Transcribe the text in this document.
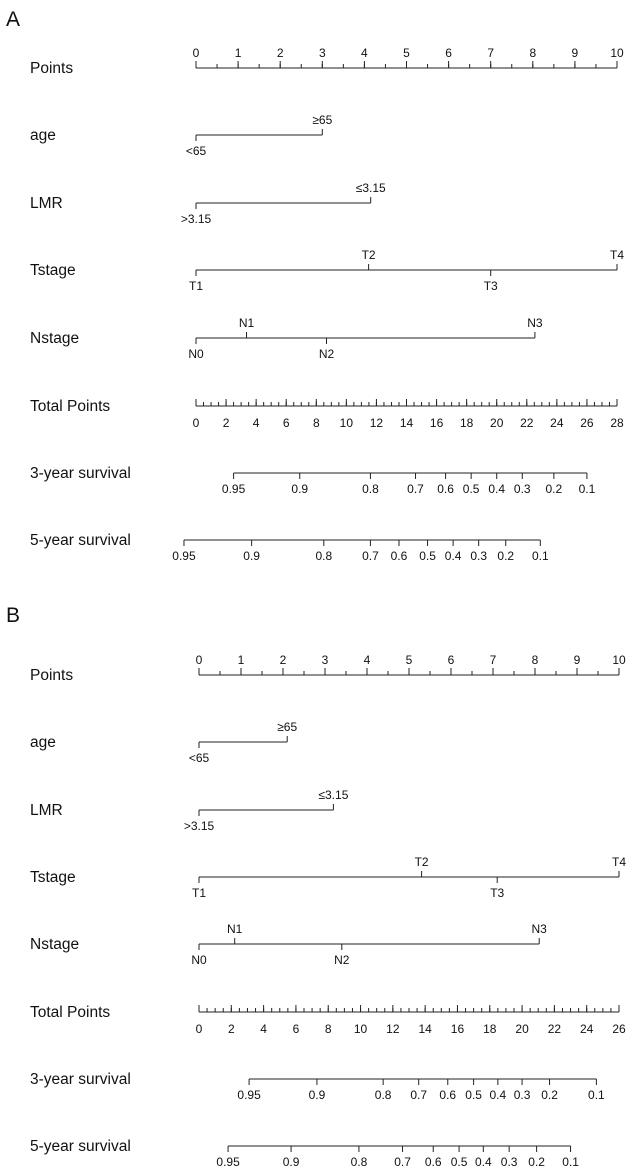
A
Points
0	1	2	3	4	5	6	7	8	9	10
age
<65
≥65
LMR
>3.15
≤3.15
Tstage
T1
T2
T3
T4
Nstage
N0
N1
N2
N3
Total Points
0 2 4 6 8 10 12 14 16 18 20 22 24 26 28
3-year survival
0.95	0.9	0.8 0.7 0.6 0.5 0.4 0.3 0.2 0.1
5-year survival
0.95	0.9	0.8 0.7 0.6 0.5 0.4 0.3 0.2 0.1
B
Points
0	1	2	3	4	5	6	7	8	9	10
age
<65
≥65
LMR
>3.15
≤3.15
Tstage
T1
T2
T3
T4
Nstage
N0
N1
N2
N3
Total Points
0 2 4 6 8 10 12 14 16 18 20 22 24 26
3-year survival
0.95	0.9	0.8 0.7 0.6 0.5 0.4 0.3 0.2	0.1
5-year survival
0.95	0.9	0.8 0.7 0.6 0.5 0.4 0.3 0.2 0.1
